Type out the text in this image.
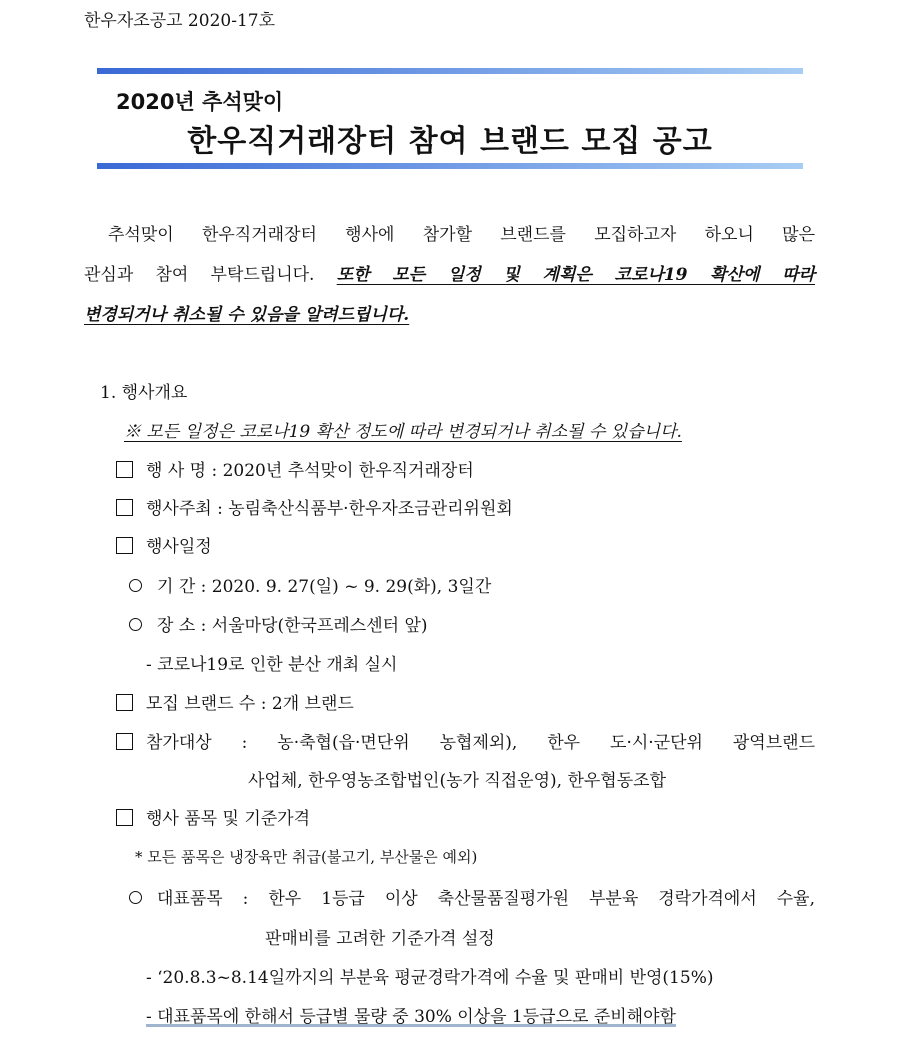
한우자조공고 2020-17호
2020년 추석맞이
한우직거래장터 참여 브랜드 모집 공고
추석맞이 한우직거래장터 행사에 참가할 브랜드를 모집하고자 하오니 많은
관심과 참여 부탁드립니다. 또한 모든 일정 및 계획은 코로나19 확산에 따라
변경되거나 취소될 수 있음을 알려드립니다.
1. 행사개요
※ 모든 일정은 코로나19 확산 정도에 따라 변경되거나 취소될 수 있습니다.
행 사 명 : 2020년 추석맞이 한우직거래장터
행사주최 : 농림축산식품부·한우자조금관리위원회
행사일정
기 간 : 2020. 9. 27(일) ~ 9. 29(화), 3일간
장 소 : 서울마당(한국프레스센터 앞)
- 코로나19로 인한 분산 개최 실시
모집 브랜드 수 : 2개 브랜드
참가대상 : 농·축협(읍·면단위 농협제외), 한우 도·시·군단위 광역브랜드
사업체, 한우영농조합법인(농가 직접운영), 한우협동조합
행사 품목 및 기준가격
* 모든 품목은 냉장육만 취급(불고기, 부산물은 예외)
대표품목 : 한우 1등급 이상 축산물품질평가원 부분육 경락가격에서 수율,
판매비를 고려한 기준가격 설정
- ‘20.8.3~8.14일까지의 부분육 평균경락가격에 수율 및 판매비 반영(15%)
- 대표품목에 한해서 등급별 물량 중 30% 이상을 1등급으로 준비해야함
